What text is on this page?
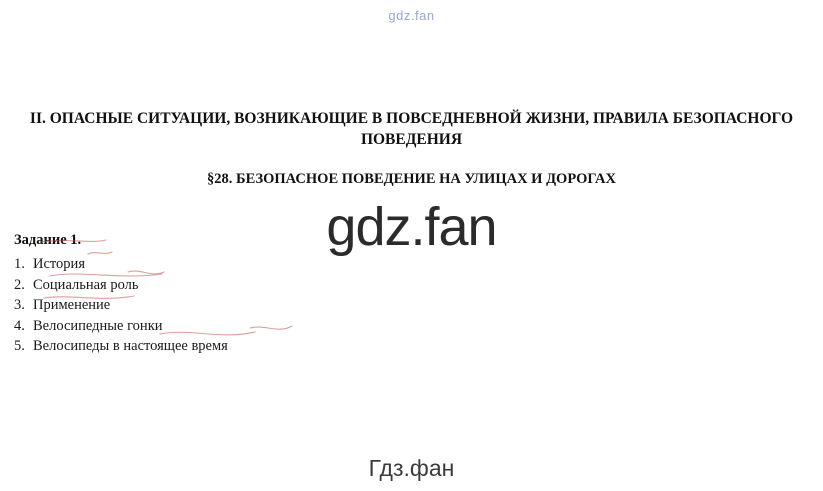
gdz.fan
II. ОПАСНЫЕ СИТУАЦИИ, ВОЗНИКАЮЩИЕ В ПОВСЕДНЕВНОЙ ЖИЗНИ, ПРАВИЛА БЕЗОПАСНОГО ПОВЕДЕНИЯ
§28. БЕЗОПАСНОЕ ПОВЕДЕНИЕ НА УЛИЦАХ И ДОРОГАХ
gdz.fan
Задание 1.
1. История
2. Социальная роль
3. Применение
4. Велосипедные гонки
5. Велосипеды в настоящее время
Гдз.фан
